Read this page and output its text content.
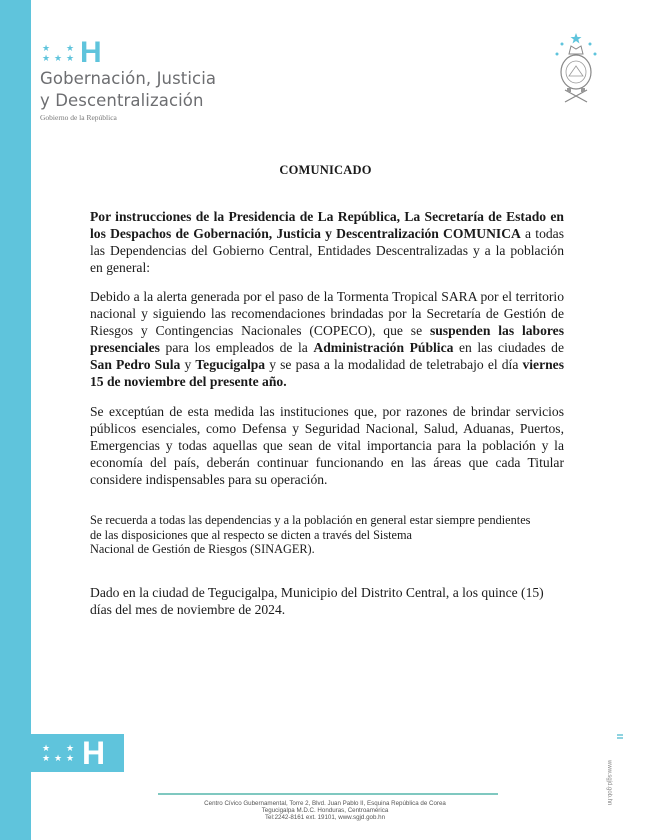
★ ★
★ ★ ★ H
Gobernación, Justicia
y Descentralización
Gobierno de la República
COMUNICADO
Por instrucciones de la Presidencia de La República, La Secretaría de Estado en los Despachos de Gobernación, Justicia y Descentralización COMUNICA a todas las Dependencias del Gobierno Central, Entidades Descentralizadas y a la población en general:
Debido a la alerta generada por el paso de la Tormenta Tropical SARA por el territorio nacional y siguiendo las recomendaciones brindadas por la Secretaría de Gestión de Riesgos y Contingencias Nacionales (COPECO), que se suspenden las labores presenciales para los empleados de la Administración Pública en las ciudades de San Pedro Sula y Tegucigalpa y se pasa a la modalidad de teletrabajo el día viernes 15 de noviembre del presente año.
Se exceptúan de esta medida las instituciones que, por razones de brindar servicios públicos esenciales, como Defensa y Seguridad Nacional, Salud, Aduanas, Puertos, Emergencias y todas aquellas que sean de vital importancia para la población y la economía del país, deberán continuar funcionando en las áreas que cada Titular considere indispensables para su operación.
Se recuerda a todas las dependencias y a la población en general estar siempre pendientes
de las disposiciones que al respecto se dicten a través del Sistema
Nacional de Gestión de Riesgos (SINAGER).
Dado en la ciudad de Tegucigalpa, Municipio del Distrito Central, a los quince (15) días del mes de noviembre de 2024.
★ ★
★ ★ ★ H
Centro Cívico Gubernamental, Torre 2, Blvd. Juan Pablo II, Esquina República de Corea
Tegucigalpa M.D.C. Honduras, Centroamérica
Tel:2242-8161 ext. 19101, www.sgjd.gob.hn
www.sgjd.gob.hn
